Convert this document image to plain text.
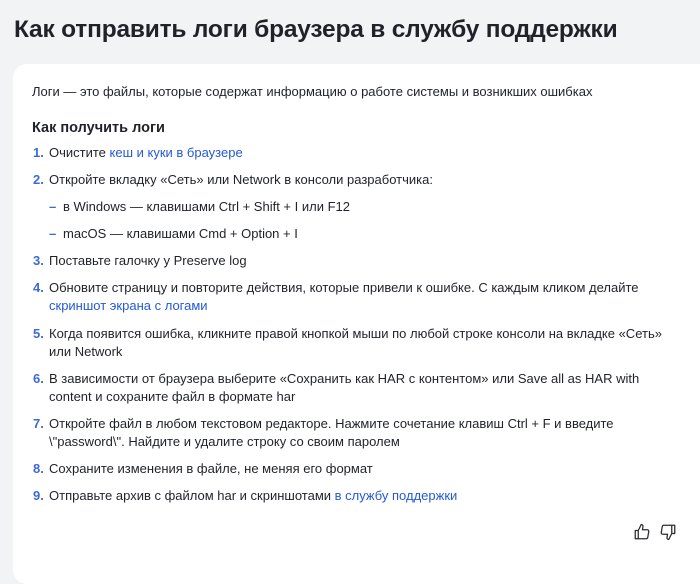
Как отправить логи браузера в службу поддержки
Логи — это файлы, которые содержат информацию о работе системы и возникших ошибках
Как получить логи
1. Очистите кеш и куки в браузере
2. Откройте вкладку «Сеть» или Network в консоли разработчика:
– в Windows — клавишами Ctrl + Shift + I или F12
– macOS — клавишами Cmd + Option + I
3. Поставьте галочку у Preserve log
4. Обновите страницу и повторите действия, которые привели к ошибке. С каждым кликом делайте скриншот экрана с логами
5. Когда появится ошибка, кликните правой кнопкой мыши по любой строке консоли на вкладке «Сеть» или Network
6. В зависимости от браузера выберите «Сохранить как HAR с контентом» или Save all as HAR with content и сохраните файл в формате har
7. Откройте файл в любом текстовом редакторе. Нажмите сочетание клавиш Ctrl + F и введите \"password\". Найдите и удалите строку со своим паролем
8. Сохраните изменения в файле, не меняя его формат
9. Отправьте архив с файлом har и скриншотами в службу поддержки
